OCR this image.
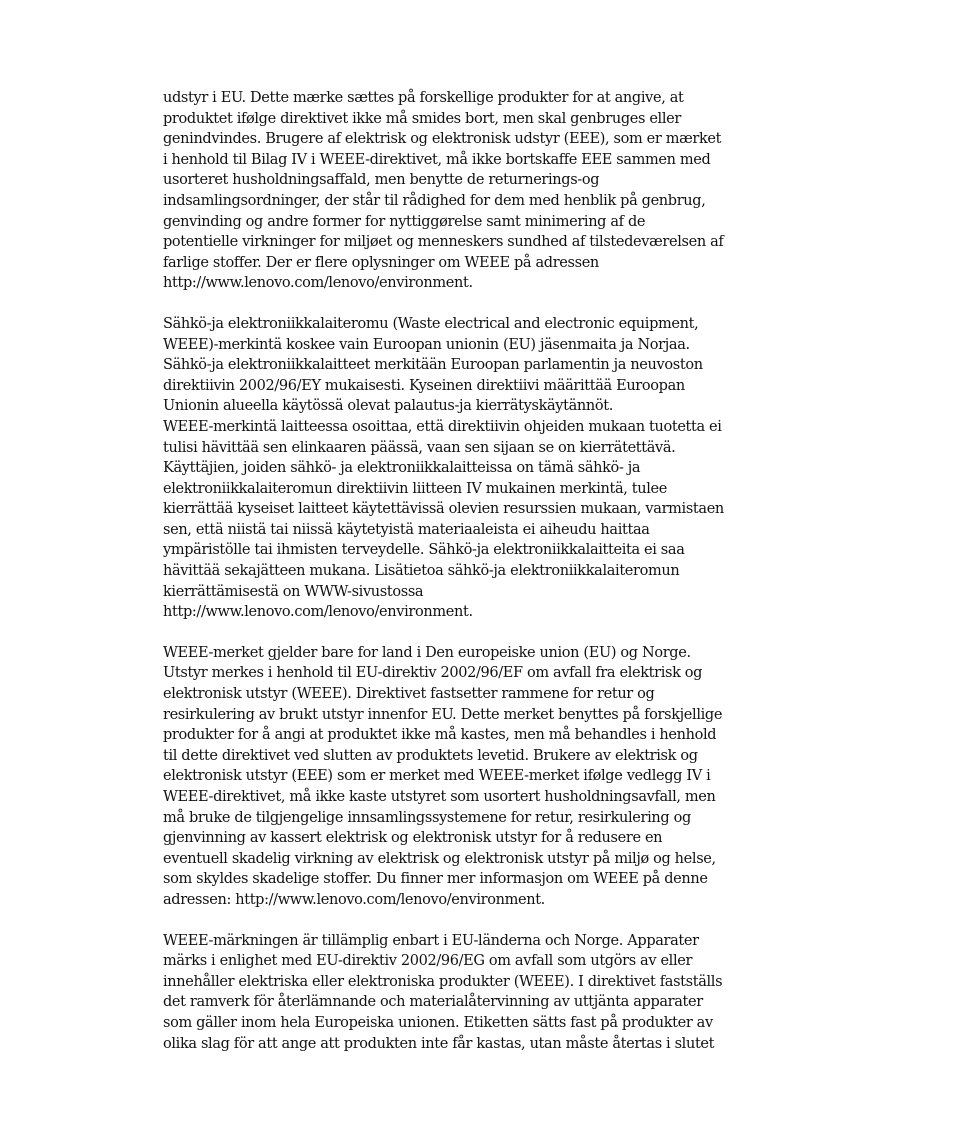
udstyr i EU. Dette mærke sættes på forskellige produkter for at angive, at
produktet ifølge direktivet ikke må smides bort, men skal genbruges eller
genindvindes. Brugere af elektrisk og elektronisk udstyr (EEE), som er mærket
i henhold til Bilag IV i WEEE-direktivet, må ikke bortskaffe EEE sammen med
usorteret husholdningsaffald, men benytte de returnerings-og
indsamlingsordninger, der står til rådighed for dem med henblik på genbrug,
genvinding og andre former for nyttiggørelse samt minimering af de
potentielle virkninger for miljøet og menneskers sundhed af tilstedeværelsen af
farlige stoffer. Der er flere oplysninger om WEEE på adressen
http://www.lenovo.com/lenovo/environment.

Sähkö-ja elektroniikkalaiteromu (Waste electrical and electronic equipment,
WEEE)-merkintä koskee vain Euroopan unionin (EU) jäsenmaita ja Norjaa.
Sähkö-ja elektroniikkalaitteet merkitään Euroopan parlamentin ja neuvoston
direktiivin 2002/96/EY mukaisesti. Kyseinen direktiivi määrittää Euroopan
Unionin alueella käytössä olevat palautus-ja kierrätyskäytännöt.
WEEE-merkintä laitteessa osoittaa, että direktiivin ohjeiden mukaan tuotetta ei
tulisi hävittää sen elinkaaren päässä, vaan sen sijaan se on kierrätettävä.
Käyttäjien, joiden sähkö- ja elektroniikkalaitteissa on tämä sähkö- ja
elektroniikkalaiteromun direktiivin liitteen IV mukainen merkintä, tulee
kierrättää kyseiset laitteet käytettävissä olevien resurssien mukaan, varmistaen
sen, että niistä tai niissä käytetyistä materiaaleista ei aiheudu haittaa
ympäristölle tai ihmisten terveydelle. Sähkö-ja elektroniikkalaitteita ei saa
hävittää sekajätteen mukana. Lisätietoa sähkö-ja elektroniikkalaiteromun
kierrättämisestä on WWW-sivustossa
http://www.lenovo.com/lenovo/environment.

WEEE-merket gjelder bare for land i Den europeiske union (EU) og Norge.
Utstyr merkes i henhold til EU-direktiv 2002/96/EF om avfall fra elektrisk og
elektronisk utstyr (WEEE). Direktivet fastsetter rammene for retur og
resirkulering av brukt utstyr innenfor EU. Dette merket benyttes på forskjellige
produkter for å angi at produktet ikke må kastes, men må behandles i henhold
til dette direktivet ved slutten av produktets levetid. Brukere av elektrisk og
elektronisk utstyr (EEE) som er merket med WEEE-merket ifølge vedlegg IV i
WEEE-direktivet, må ikke kaste utstyret som usortert husholdningsavfall, men
må bruke de tilgjengelige innsamlingssystemene for retur, resirkulering og
gjenvinning av kassert elektrisk og elektronisk utstyr for å redusere en
eventuell skadelig virkning av elektrisk og elektronisk utstyr på miljø og helse,
som skyldes skadelige stoffer. Du finner mer informasjon om WEEE på denne
adressen: http://www.lenovo.com/lenovo/environment.

WEEE-märkningen är tillämplig enbart i EU-länderna och Norge. Apparater
märks i enlighet med EU-direktiv 2002/96/EG om avfall som utgörs av eller
innehåller elektriska eller elektroniska produkter (WEEE). I direktivet fastställs
det ramverk för återlämnande och materialåtervinning av uttjänta apparater
som gäller inom hela Europeiska unionen. Etiketten sätts fast på produkter av
olika slag för att ange att produkten inte får kastas, utan måste återtas i slutet
